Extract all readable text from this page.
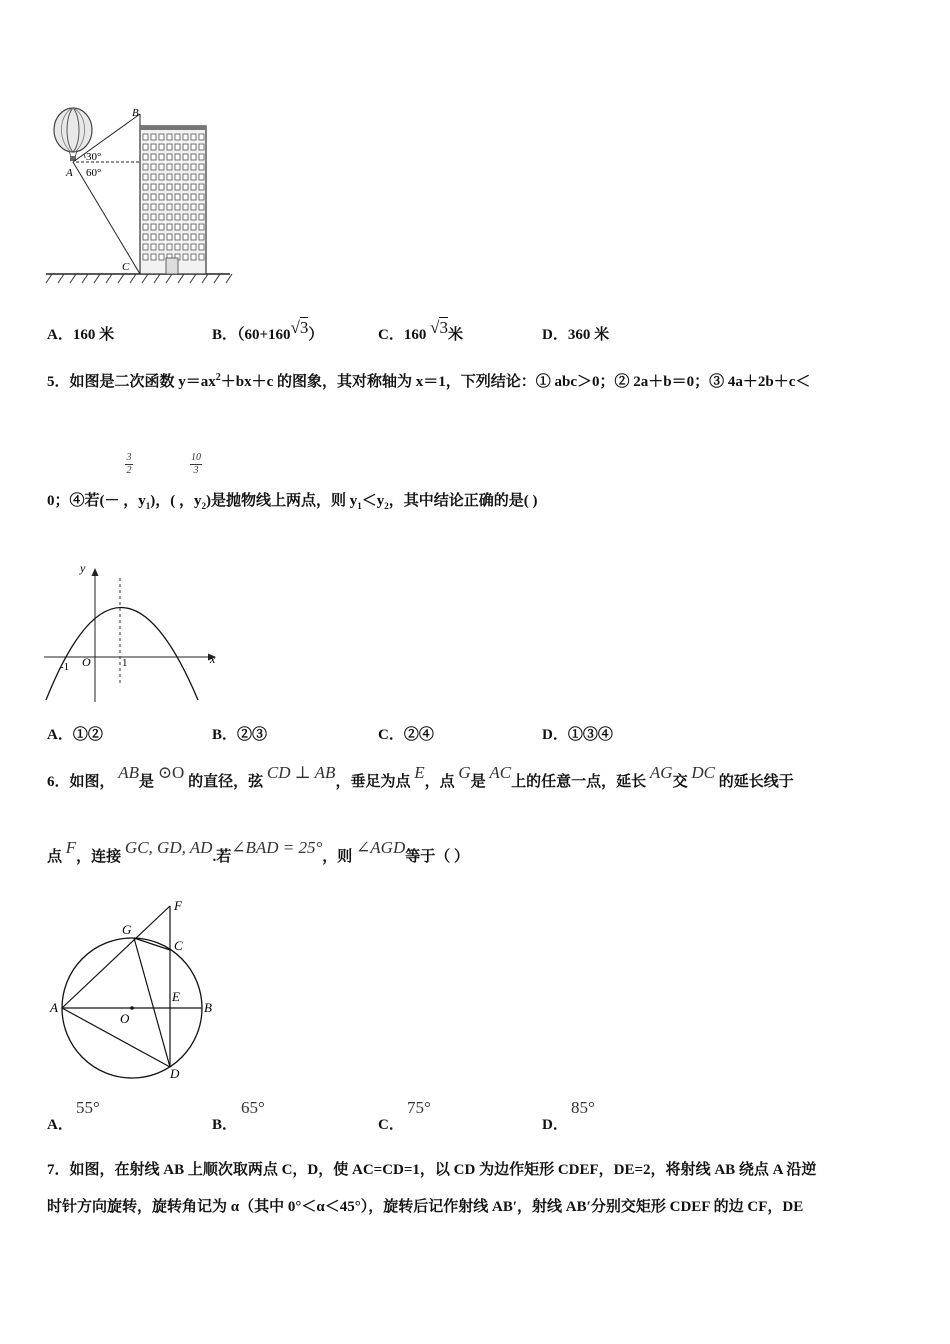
B
A
C
30°
60°
A．160 米	B．（60+160√3）	C．160 √3米	D．360 米
5．如图是二次函数 $y=ax^2+bx+c$ 的图象，其对称轴为 x＝1，下列结论：① abc＞0；② 2a＋b＝0；③ 4a＋2b＋c＜
3
2
10
3
0；④若(－ ，$y_1$)，( ，$y_2$)是抛物线上两点，则 $y_1<y_2$，其中结论正确的是( )
y
x
O
-1	1
A．①②	B．②③	C．②④	D．①③④
6．如图， AB是 ⊙O 的直径，弦 CD ⊥ AB，垂足为点 E，点 G是 AC上的任意一点，延长 AG交 DC 的延长线于
点 F，连接 GC, GD, AD.若∠BAD = 25°，则 ∠AGD等于（ ）
F
G
C
A
E
B
O
D
A．
55°
B．
65°
C．
75°
D．
85°
7．如图，在射线 AB 上顺次取两点 C，D，使 AC=CD=1，以 CD 为边作矩形 CDEF，DE=2，将射线 AB 绕点 A 沿逆
时针方向旋转，旋转角记为 α（其中 0°＜α＜45°），旋转后记作射线 AB′，射线 AB′分别交矩形 CDEF 的边 CF，DE
